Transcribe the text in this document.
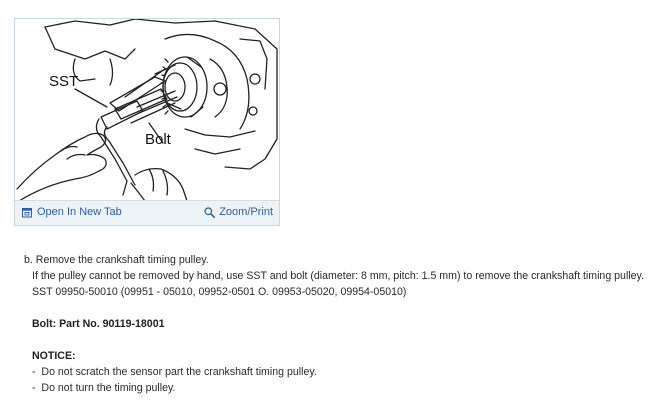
SST
Bolt
Open In New Tab	Zoom/Print
b. Remove the crankshaft timing pulley.
If the pulley cannot be removed by hand, use SST and bolt (diameter: 8 mm, pitch: 1.5 mm) to remove the crankshaft timing pulley.
SST 09950-50010 (09951 - 05010, 09952-0501 O. 09953-05020, 09954-05010)
Bolt: Part No. 90119-18001
NOTICE:
-  Do not scratch the sensor part the crankshaft timing pulley.
-  Do not turn the timing pulley.
